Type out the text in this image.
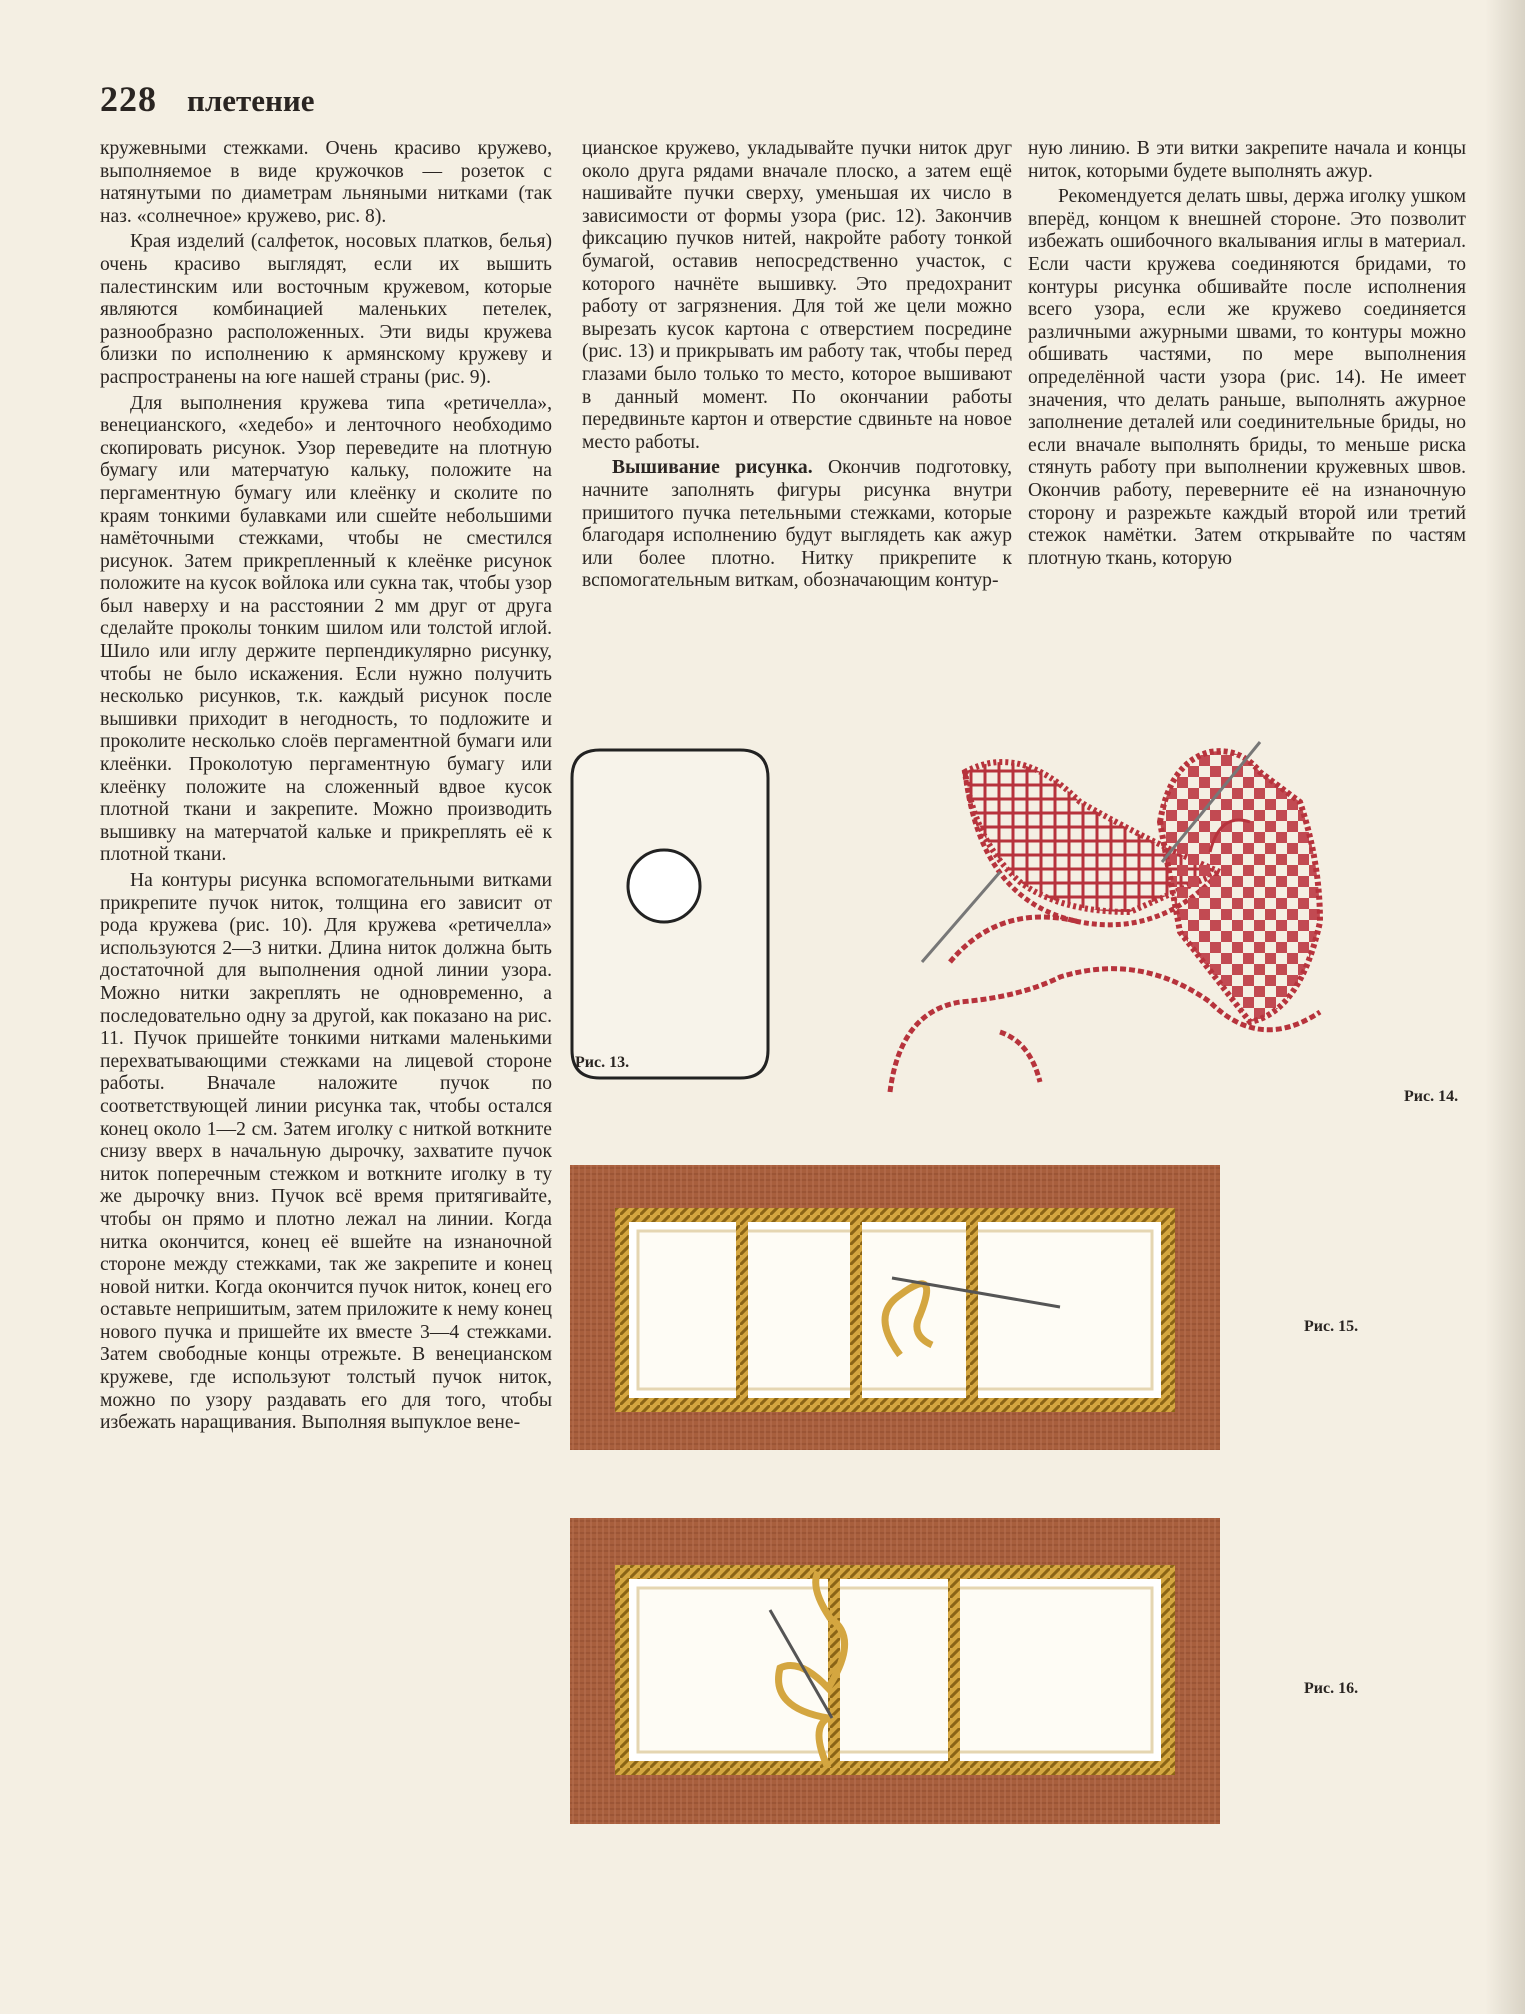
228 плетение

кружевными стежками. Очень красиво кружево, выполняемое в виде кружочков — розеток с натянутыми по диаметрам льняными нитками (так наз. «солнечное» кружево, рис. 8).

Края изделий (салфеток, носовых платков, белья) очень красиво выглядят, если их вышить палестинским или восточным кружевом, которые являются комбинацией маленьких петелек, разнообразно расположенных. Эти виды кружева близки по исполнению к армянскому кружеву и распространены на юге нашей страны (рис. 9).

Для выполнения кружева типа «ретичелла», венецианского, «хедебо» и ленточного необходимо скопировать рисунок. Узор переведите на плотную бумагу или матерчатую кальку, положите на пергаментную бумагу или клеёнку и сколите по краям тонкими булавками или сшейте небольшими намёточными стежками, чтобы не сместился рисунок. Затем прикрепленный к клеёнке рисунок положите на кусок войлока или сукна так, чтобы узор был наверху и на расстоянии 2 мм друг от друга сделайте проколы тонким шилом или толстой иглой. Шило или иглу держите перпендикулярно рисунку, чтобы не было искажения. Если нужно получить несколько рисунков, т.к. каждый рисунок после вышивки приходит в негодность, то подложите и проколите несколько слоёв пергаментной бумаги или клеёнки. Проколотую пергаментную бумагу или клеёнку положите на сложенный вдвое кусок плотной ткани и закрепите. Можно производить вышивку на матерчатой кальке и прикреплять её к плотной ткани.

На контуры рисунка вспомогательными витками прикрепите пучок ниток, толщина его зависит от рода кружева (рис. 10). Для кружева «ретичелла» используются 2—3 нитки. Длина ниток должна быть достаточной для выполнения одной линии узора. Можно нитки закреплять не одновременно, а последовательно одну за другой, как показано на рис. 11. Пучок пришейте тонкими нитками маленькими перехватывающими стежками на лицевой стороне работы. Вначале наложите пучок по соответствующей линии рисунка так, чтобы остался конец около 1—2 см. Затем иголку с ниткой воткните снизу вверх в начальную дырочку, захватите пучок ниток поперечным стежком и воткните иголку в ту же дырочку вниз. Пучок всё время притягивайте, чтобы он прямо и плотно лежал на линии. Когда нитка окончится, конец её вшейте на изнаночной стороне между стежками, так же закрепите и конец новой нитки. Когда окончится пучок ниток, конец его оставьте непришитым, затем приложите к нему конец нового пучка и пришейте их вместе 3—4 стежками. Затем свободные концы отрежьте. В венецианском кружеве, где используют толстый пучок ниток, можно по узору раздавать его для того, чтобы избежать наращивания. Выполняя выпуклое вене-

цианское кружево, укладывайте пучки ниток друг около друга рядами вначале плоско, а затем ещё нашивайте пучки сверху, уменьшая их число в зависимости от формы узора (рис. 12). Закончив фиксацию пучков нитей, накройте работу тонкой бумагой, оставив непосредственно участок, с которого начнёте вышивку. Это предохранит работу от загрязнения. Для той же цели можно вырезать кусок картона с отверстием посредине (рис. 13) и прикрывать им работу так, чтобы перед глазами было только то место, которое вышивают в данный момент. По окончании работы передвиньте картон и отверстие сдвиньте на новое место работы.

Вышивание рисунка. Окончив подготовку, начните заполнять фигуры рисунка внутри пришитого пучка петельными стежками, которые благодаря исполнению будут выглядеть как ажур или более плотно. Нитку прикрепите к вспомогательным виткам, обозначающим контур-

ную линию. В эти витки закрепите начала и концы ниток, которыми будете выполнять ажур.

Рекомендуется делать швы, держа иголку ушком вперёд, концом к внешней стороне. Это позволит избежать ошибочного вкалывания иглы в материал. Если части кружева соединяются бридами, то контуры рисунка обшивайте после исполнения всего узора, если же кружево соединяется различными ажурными швами, то контуры можно обшивать частями, по мере выполнения определённой части узора (рис. 14). Не имеет значения, что делать раньше, выполнять ажурное заполнение деталей или соединительные бриды, но если вначале выполнять бриды, то меньше риска стянуть работу при выполнении кружевных швов. Окончив работу, переверните её на изнаночную сторону и разрежьте каждый второй или третий стежок намётки. Затем открывайте по частям плотную ткань, которую

Рис. 13.
Рис. 14.
Рис. 15.
Рис. 16.
